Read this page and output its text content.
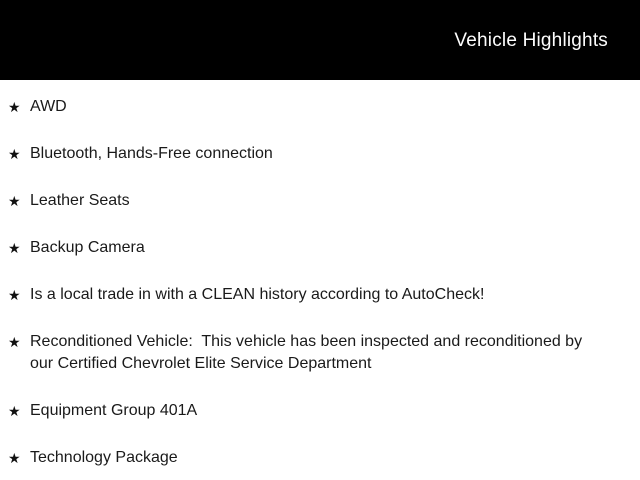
Vehicle Highlights
★ AWD
★ Bluetooth, Hands-Free connection
★ Leather Seats
★ Backup Camera
★ Is a local trade in with a CLEAN history according to AutoCheck!
★ Reconditioned Vehicle:  This vehicle has been inspected and reconditioned by our Certified Chevrolet Elite Service Department
★ Equipment Group 401A
★ Technology Package
